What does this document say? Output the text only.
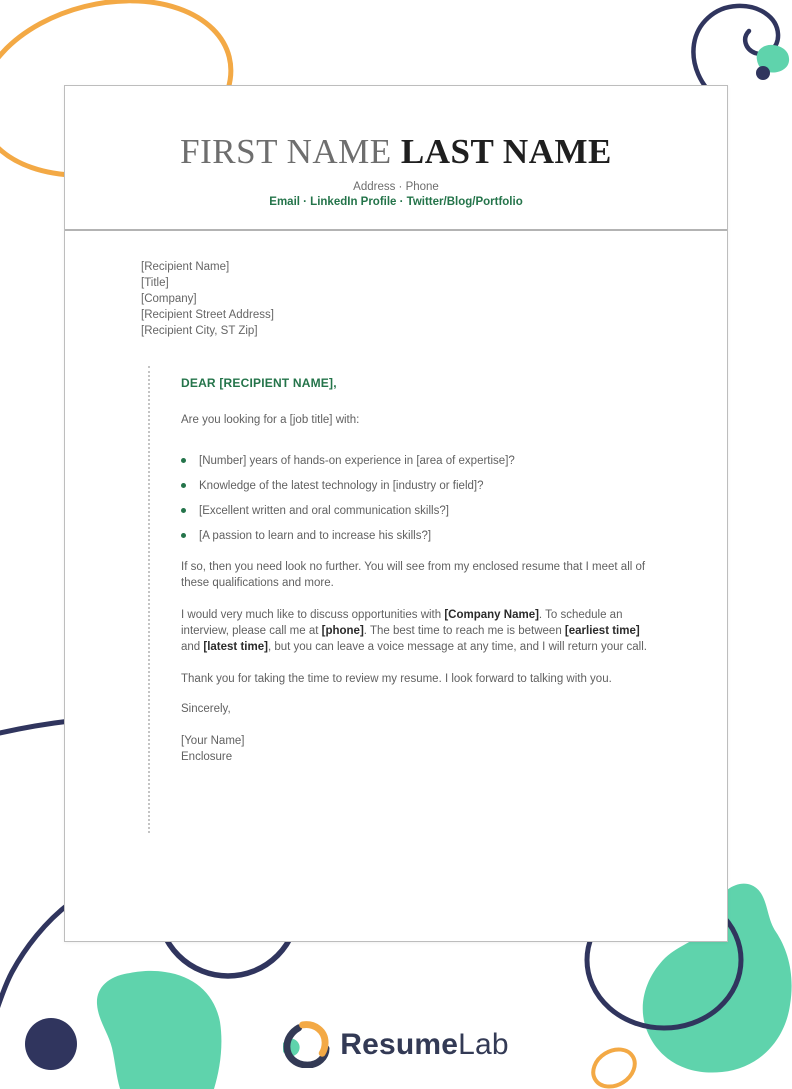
FIRST NAME LAST NAME
Address · Phone
Email · LinkedIn Profile · Twitter/Blog/Portfolio
[Recipient Name]
[Title]
[Company]
[Recipient Street Address]
[Recipient City, ST Zip]
DEAR [RECIPIENT NAME],

Are you looking for a [job title] with:

[Number] years of hands-on experience in [area of expertise]?
Knowledge of the latest technology in [industry or field]?
[Excellent written and oral communication skills?]
[A passion to learn and to increase his skills?]

If so, then you need look no further. You will see from my enclosed resume that I meet all of these qualifications and more.

I would very much like to discuss opportunities with [Company Name]. To schedule an interview, please call me at [phone]. The best time to reach me is between [earliest time] and [latest time], but you can leave a voice message at any time, and I will return your call.

Thank you for taking the time to review my resume. I look forward to talking with you.

Sincerely,

[Your Name]

Enclosure

ResumeLab
